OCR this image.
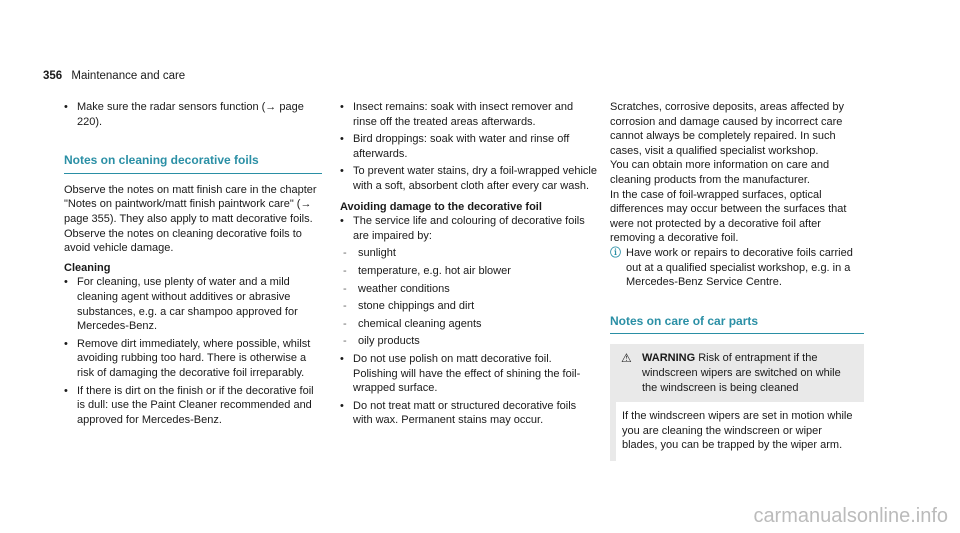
356 Maintenance and care

• Make sure the radar sensors function (→ page 220).

Notes on cleaning decorative foils

Observe the notes on matt finish care in the chapter "Notes on paintwork/matt finish paintwork care" (→ page 355). They also apply to matt decorative foils.

Observe the notes on cleaning decorative foils to avoid vehicle damage.

Cleaning

• For cleaning, use plenty of water and a mild cleaning agent without additives or abrasive substances, e.g. a car shampoo approved for Mercedes-Benz.

• Remove dirt immediately, where possible, whilst avoiding rubbing too hard. There is otherwise a risk of damaging the decorative foil irreparably.

• If there is dirt on the finish or if the decorative foil is dull: use the Paint Cleaner recommended and approved for Mercedes-Benz.

• Insect remains: soak with insect remover and rinse off the treated areas afterwards.

• Bird droppings: soak with water and rinse off afterwards.

• To prevent water stains, dry a foil-wrapped vehicle with a soft, absorbent cloth after every car wash.

Avoiding damage to the decorative foil

• The service life and colouring of decorative foils are impaired by:

- sunlight

- temperature, e.g. hot air blower

- weather conditions

- stone chippings and dirt

- chemical cleaning agents

- oily products

• Do not use polish on matt decorative foil. Polishing will have the effect of shining the foil-wrapped surface.

• Do not treat matt or structured decorative foils with wax. Permanent stains may occur.

Scratches, corrosive deposits, areas affected by corrosion and damage caused by incorrect care cannot always be completely repaired. In such cases, visit a qualified specialist workshop.

You can obtain more information on care and cleaning products from the manufacturer.

In the case of foil-wrapped surfaces, optical differences may occur between the surfaces that were not protected by a decorative foil after removing a decorative foil.

ⓘ Have work or repairs to decorative foils carried out at a qualified specialist workshop, e.g. in a Mercedes-Benz Service Centre.
Notes on care of car parts
⚠ WARNING Risk of entrapment if the windscreen wipers are switched on while the windscreen is being cleaned
If the windscreen wipers are set in motion while you are cleaning the windscreen or wiper blades, you can be trapped by the wiper arm.
carmanualsonline.info
